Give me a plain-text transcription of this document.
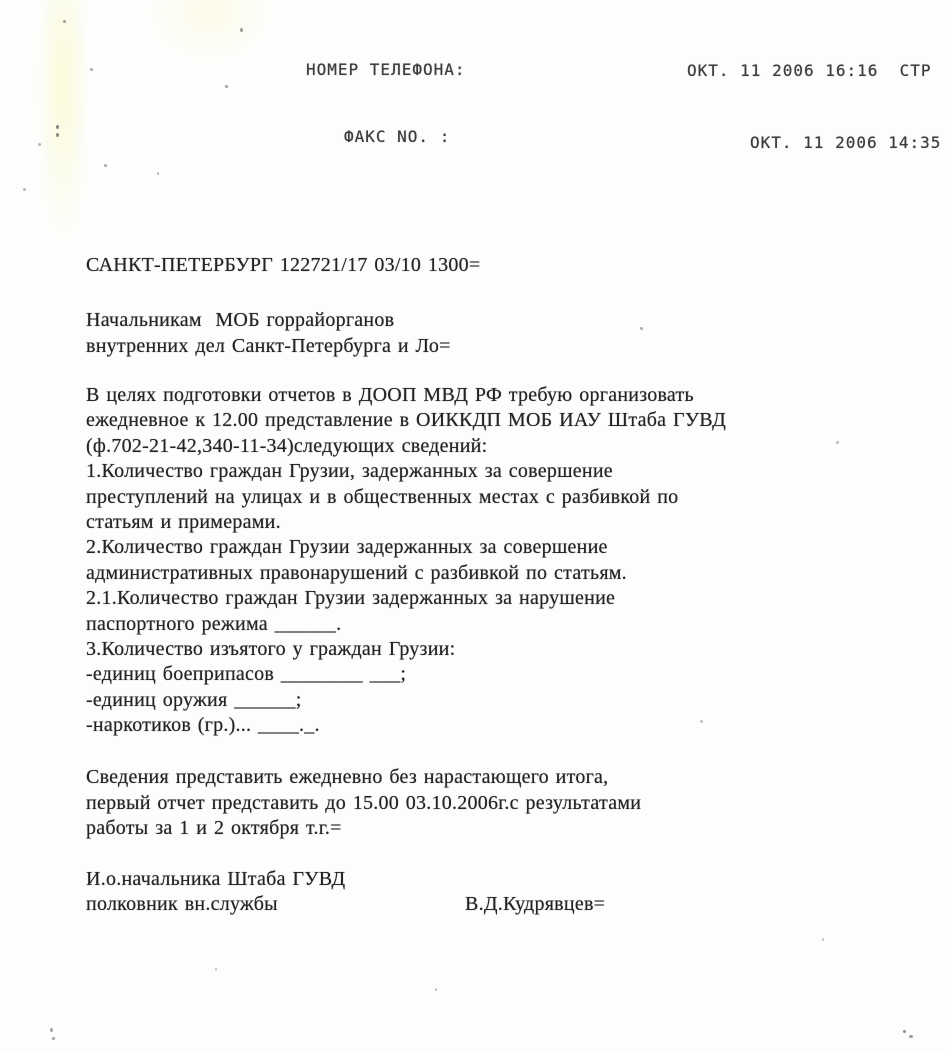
НОМЕР ТЕЛЕФОНА:	ОКТ. 11 2006 16:16  СТР
ФАКС NO. :	ОКТ. 11 2006 14:35

САНКТ-ПЕТЕРБУРГ 122721/17 03/10 1300=

Начальникам  МОБ горрайорганов

внутренних дел Санкт-Петербурга и Ло=

В целях подготовки отчетов в ДООП МВД РФ требую организовать

ежедневное к 12.00 представление в ОИККДП МОБ ИАУ Штаба ГУВД

(ф.702-21-42,340-11-34)следующих сведений:

1.Количество граждан Грузии, задержанных за совершение

преступлений на улицах и в общественных местах с разбивкой по

статьям и примерами.

2.Количество граждан Грузии задержанных за совершение

административных правонарушений с разбивкой по статьям.

2.1.Количество граждан Грузии задержанных за нарушение

паспортного режима ______.

3.Количество изъятого у граждан Грузии:

-единиц боеприпасов ________ ___;

-единиц оружия ______;

-наркотиков (гр.)... ____._.

Сведения представить ежедневно без нарастающего итога,

первый отчет представить до 15.00 03.10.2006г.с результатами

работы за 1 и 2 октября т.г.=

И.о.начальника Штаба ГУВД

полковник вн.службы	В.Д.Кудрявцев=
